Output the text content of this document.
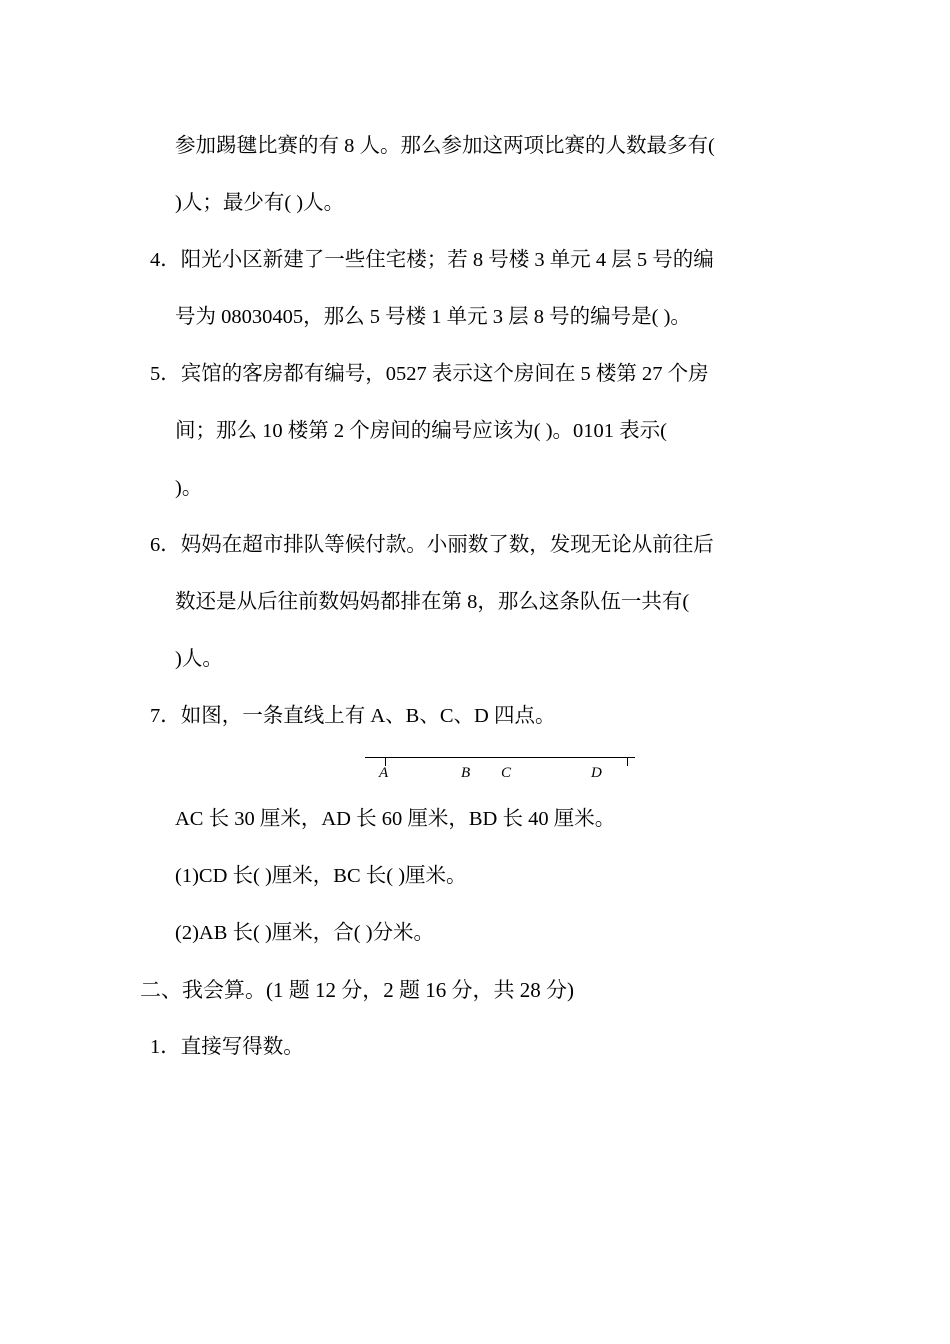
参加踢毽比赛的有 8 人。那么参加这两项比赛的人数最多有(
)人；最少有( )人。
4．阳光小区新建了一些住宅楼；若 8 号楼 3 单元 4 层 5 号的编
号为 08030405，那么 5 号楼 1 单元 3 层 8 号的编号是( )。
5．宾馆的客房都有编号，0527 表示这个房间在 5 楼第 27 个房
间；那么 10 楼第 2 个房间的编号应该为( )。0101 表示(
)。
6．妈妈在超市排队等候付款。小丽数了数，发现无论从前往后
数还是从后往前数妈妈都排在第 8，那么这条队伍一共有(
)人。
7．如图，一条直线上有 A、B、C、D 四点。
A	B C	D
AC 长 30 厘米，AD 长 60 厘米，BD 长 40 厘米。
(1)CD 长( )厘米，BC 长( )厘米。
(2)AB 长( )厘米，合( )分米。
二、我会算。(1 题 12 分，2 题 16 分，共 28 分)
1．直接写得数。
